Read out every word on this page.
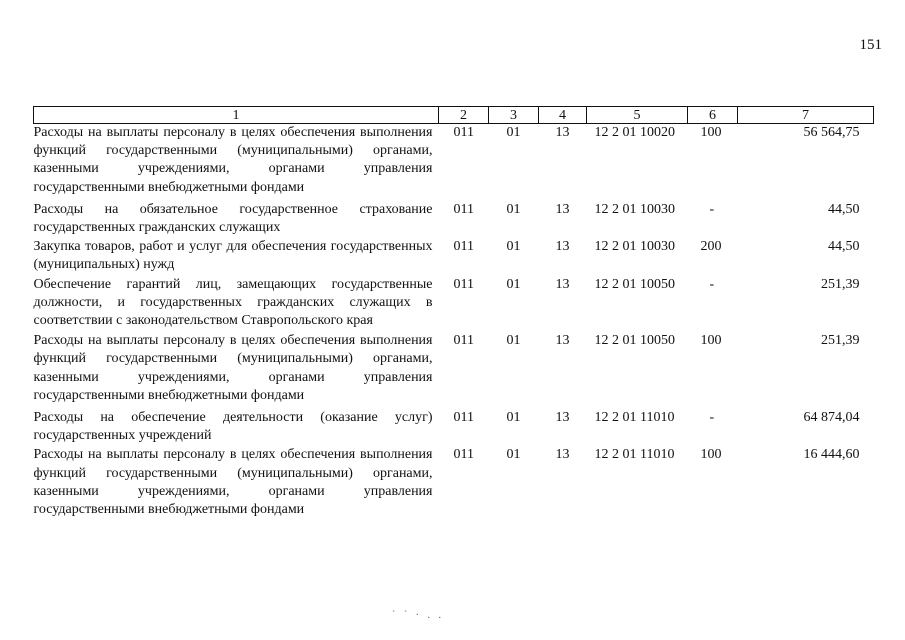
151
1	2	3	4	5	6	7
Расходы на выплаты персоналу в целях обеспечения выполнения функций государственными (муниципальными) органами, казенными учреждениями, органами управления государственными внебюджетными фондами	011	01	13	12 2 01 10020	100	56 564,75
Расходы на обязательное государственное страхование государственных гражданских служащих	011	01	13	12 2 01 10030	-	44,50
Закупка товаров, работ и услуг для обеспечения государственных (муниципальных) нужд	011	01	13	12 2 01 10030	200	44,50
Обеспечение гарантий лиц, замещающих государственные должности, и государственных гражданских служащих в соответствии с законодательством Ставропольского края	011	01	13	12 2 01 10050	-	251,39
Расходы на выплаты персоналу в целях обеспечения выполнения функций государственными (муниципальными) органами, казенными учреждениями, органами управления государственными внебюджетными фондами	011	01	13	12 2 01 10050	100	251,39
Расходы на обеспечение деятельности (оказание услуг) государственных учреждений	011	01	13	12 2 01 11010	-	64 874,04
Расходы на выплаты персоналу в целях обеспечения выполнения функций государственными (муниципальными) органами, казенными учреждениями, органами управления государственными внебюджетными фондами	011	01	13	12 2 01 11010	100	16 444,60
` ` · . .
